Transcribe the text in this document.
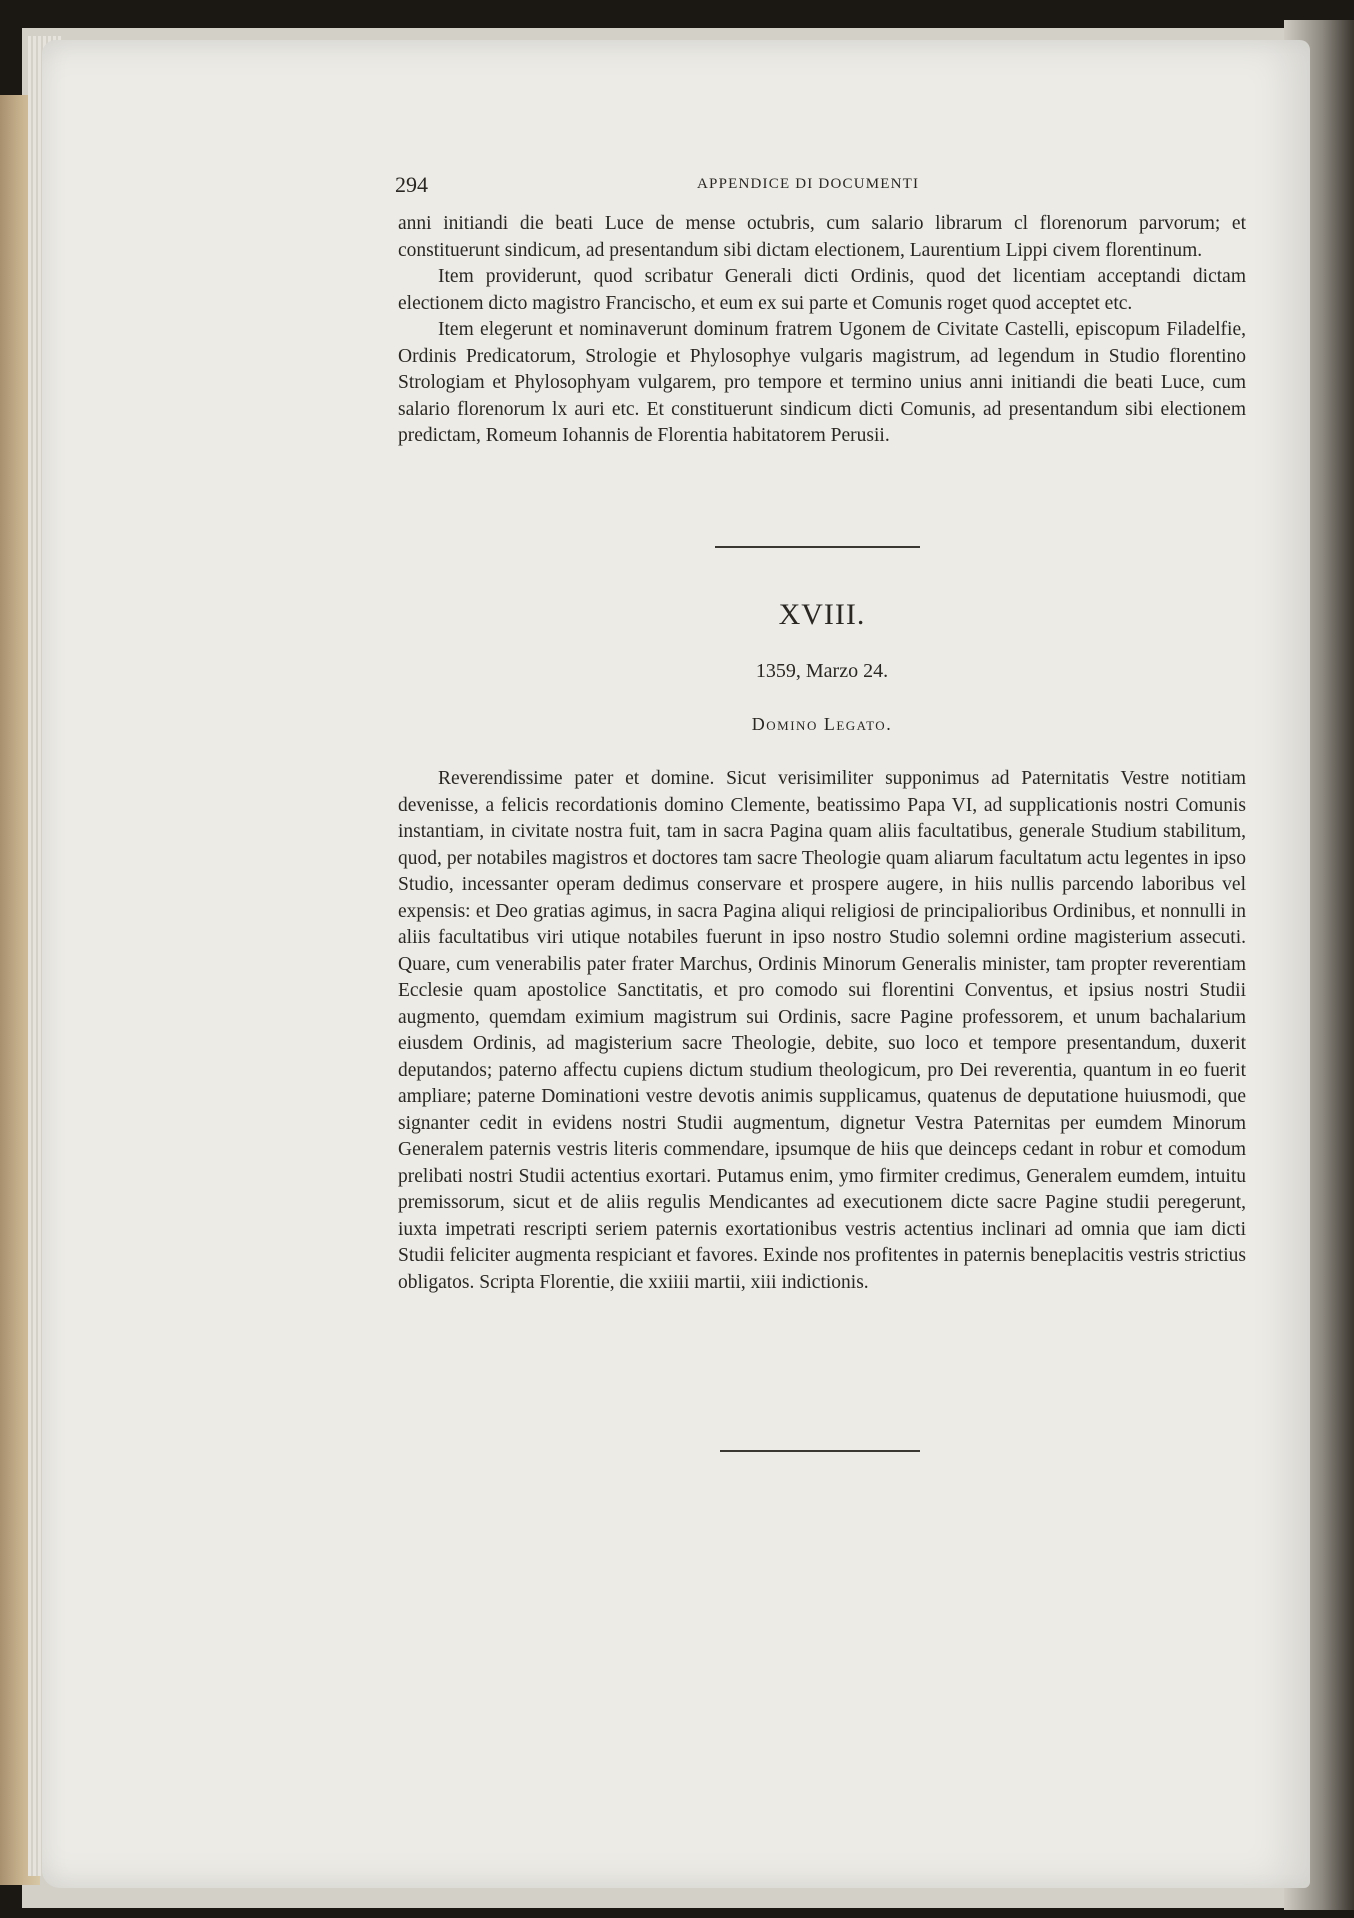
294	APPENDICE DI DOCUMENTI

anni initiandi die beati Luce de mense octubris, cum salario librarum cl florenorum parvorum; et constituerunt sindicum, ad presentandum sibi dictam electionem, Laurentium Lippi civem florentinum.

Item providerunt, quod scribatur Generali dicti Ordinis, quod det licentiam acceptandi dictam electionem dicto magistro Francischo, et eum ex sui parte et Comunis roget quod acceptet etc.

Item elegerunt et nominaverunt dominum fratrem Ugonem de Civitate Castelli, episcopum Filadelfie, Ordinis Predicatorum, Strologie et Phylosophye vulgaris magistrum, ad legendum in Studio florentino Strologiam et Phylosophyam vulgarem, pro tempore et termino unius anni initiandi die beati Luce, cum salario florenorum lx auri etc. Et constituerunt sindicum dicti Comunis, ad presentandum sibi electionem predictam, Romeum Iohannis de Florentia habitatorem Perusii.

XVIII.
1359, Marzo 24.
Domino Legato.

Reverendissime pater et domine. Sicut verisimiliter supponimus ad Paternitatis Vestre notitiam devenisse, a felicis recordationis domino Clemente, beatissimo Papa VI, ad supplicationis nostri Comunis instantiam, in civitate nostra fuit, tam in sacra Pagina quam aliis facultatibus, generale Studium stabilitum, quod, per notabiles magistros et doctores tam sacre Theologie quam aliarum facultatum actu legentes in ipso Studio, incessanter operam dedimus conservare et prospere augere, in hiis nullis parcendo laboribus vel expensis: et Deo gratias agimus, in sacra Pagina aliqui religiosi de principalioribus Ordinibus, et nonnulli in aliis facultatibus viri utique notabiles fuerunt in ipso nostro Studio solemni ordine magisterium assecuti. Quare, cum venerabilis pater frater Marchus, Ordinis Minorum Generalis minister, tam propter reverentiam Ecclesie quam apostolice Sanctitatis, et pro comodo sui florentini Conventus, et ipsius nostri Studii augmento, quemdam eximium magistrum sui Ordinis, sacre Pagine professorem, et unum bachalarium eiusdem Ordinis, ad magisterium sacre Theologie, debite, suo loco et tempore presentandum, duxerit deputandos; paterno affectu cupiens dictum studium theologicum, pro Dei reverentia, quantum in eo fuerit ampliare; paterne Dominationi vestre devotis animis supplicamus, quatenus de deputatione huiusmodi, que signanter cedit in evidens nostri Studii augmentum, dignetur Vestra Paternitas per eumdem Minorum Generalem paternis vestris literis commendare, ipsumque de hiis que deinceps cedant in robur et comodum prelibati nostri Studii actentius exortari. Putamus enim, ymo firmiter credimus, Generalem eumdem, intuitu premissorum, sicut et de aliis regulis Mendicantes ad executionem dicte sacre Pagine studii peregerunt, iuxta impetrati rescripti seriem paternis exortationibus vestris actentius inclinari ad omnia que iam dicti Studii feliciter augmenta respiciant et favores. Exinde nos profitentes in paternis beneplacitis vestris strictius obligatos. Scripta Florentie, die xxiiii martii, xiii indictionis.
